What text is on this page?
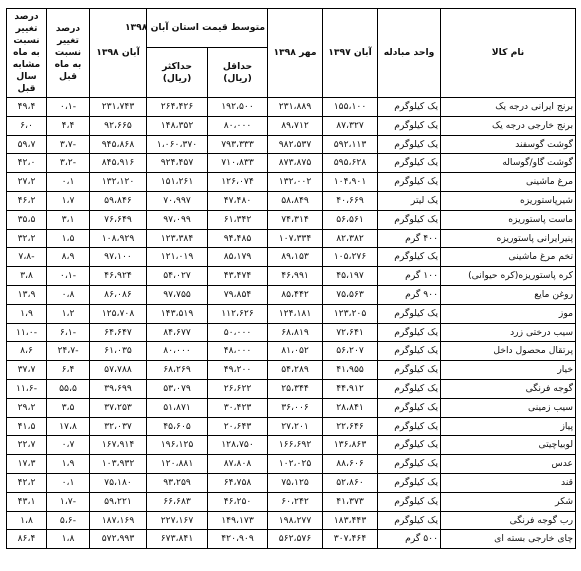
نام کالا	واحد مبادله	آبان ۱۳۹۷	مهر ۱۳۹۸	متوسط قیمت استان آبان ۱۳۹۸		آبان ۱۳۹۸	درصد تغییر نسبت به ماه قبل	درصد تغییر نسبت به ماه مشابه سال قبل
				حداقل (ریال)	حداکثر (ریال)			
برنج ایرانی درجه یک	یک کیلوگرم	۱۵۵،۱۰۰	۲۳۱،۸۸۹	۱۹۲،۵۰۰	۲۶۴،۴۲۶	۲۳۱،۷۴۳	-۰،۱	۴۹،۴
برنج خارجی درجه یک	یک کیلوگرم	۸۷،۳۲۷	۸۹،۷۱۲	۸۰،۰۰۰	۱۴۸،۳۵۲	۹۲،۶۶۵	۴،۴	۶،۰
گوشت گوسفند	یک کیلوگرم	۵۹۲،۱۱۳	۹۸۲،۵۳۷	۷۹۳،۳۳۳	۱،۰۶۰،۳۷۰	۹۴۵،۸۶۸	-۳،۷	۵۹،۷
گوشت گاو/گوساله	یک کیلوگرم	۵۹۵،۶۲۸	۸۷۳،۸۷۵	۷۱۰،۸۳۳	۹۲۴،۴۵۷	۸۴۵،۹۱۶	-۳،۲	۴۲،۰
مرغ ماشینی	یک کیلوگرم	۱۰۴،۹۰۱	۱۳۲،۰۰۲	۱۲۶،۰۷۴	۱۵۱،۲۶۱	۱۳۲،۱۲۰	۰،۱	۲۷،۲
شیرپاستوریزه	یک لیتر	۴۰،۶۶۹	۵۸،۸۴۹	۴۷،۴۸۰	۷۰،۹۹۷	۵۹،۸۴۶	۱،۷	۴۶،۲
ماست پاستوریزه	یک کیلوگرم	۵۶،۵۶۱	۷۴،۳۱۴	۶۱،۳۴۲	۹۷،۰۹۹	۷۶،۶۴۹	۳،۱	۳۵،۵
پنیرایرانی پاستوریزه	۴۰۰ گرم	۸۲،۳۸۲	۱۰۷،۳۳۴	۹۴،۴۸۵	۱۲۳،۳۸۴	۱۰۸،۹۲۹	۱،۵	۳۲،۲
تخم مرغ ماشینی	یک کیلوگرم	۱۰۵،۲۷۶	۸۹،۱۵۳	۸۵،۱۷۹	۱۲۱،۰۱۹	۹۷،۱۰۰	۸،۹	-۷،۸
کره پاستوریزه(کره حیوانی)	۱۰۰ گرم	۴۵،۱۹۷	۴۶،۹۹۱	۴۳،۴۷۴	۵۴،۰۲۷	۴۶،۹۲۴	-۰،۱	۳،۸
روغن مایع	۹۰۰ گرم	۷۵،۵۶۳	۸۵،۴۴۲	۷۹،۸۵۴	۹۷،۷۵۵	۸۶،۰۸۶	۰،۸	۱۳،۹
موز	یک کیلوگرم	۱۲۳،۲۰۵	۱۲۴،۱۸۱	۱۱۲،۶۲۶	۱۴۳،۵۱۹	۱۲۵،۷۰۸	۱،۲	۱،۹
سیب درختی زرد	یک کیلوگرم	۷۲،۶۴۱	۶۸،۸۱۹	۵۰،۰۰۰	۸۴،۶۷۷	۶۴،۶۴۷	-۶،۱	-۱۱،۰
پرتقال محصول داخل	یک کیلوگرم	۵۶،۲۰۷	۸۱،۰۵۲	۴۸،۰۰۰	۸۰،۰۰۰	۶۱،۰۳۵	-۲۴،۷	۸،۶
خیار	یک کیلوگرم	۴۱،۹۵۵	۵۴،۲۸۹	۴۹،۲۰۰	۶۸،۲۶۹	۵۷،۷۸۸	۶،۴	۳۷،۷
گوجه فرنگی	یک کیلوگرم	۴۴،۹۱۲	۲۵،۳۴۴	۲۶،۶۲۲	۵۳،۰۷۹	۳۹،۶۹۹	۵۵،۵	-۱۱،۶
سیب زمینی	یک کیلوگرم	۲۸،۸۴۱	۳۶،۰۰۶	۳۰،۴۲۳	۵۱،۸۷۱	۳۷،۲۵۳	۳،۵	۲۹،۲
پیاز	یک کیلوگرم	۲۲،۶۴۶	۲۷،۲۰۱	۲۰،۶۴۳	۴۵،۶۰۵	۳۲،۰۳۷	۱۷،۸	۴۱،۵
لوبیاچیتی	یک کیلوگرم	۱۳۶،۸۶۳	۱۶۶،۶۹۲	۱۲۸،۷۵۰	۱۹۶،۱۲۵	۱۶۷،۹۱۴	۰،۷	۲۲،۷
عدس	یک کیلوگرم	۸۸،۶۰۶	۱۰۲،۰۲۵	۸۷،۸۰۸	۱۲۰،۸۸۱	۱۰۳،۹۳۲	۱،۹	۱۷،۳
قند	یک کیلوگرم	۵۲،۸۶۰	۷۵،۱۲۵	۶۴،۷۵۸	۹۳،۲۵۹	۷۵،۱۸۰	۰،۱	۴۲،۲
شکر	یک کیلوگرم	۴۱،۳۷۳	۶۰،۲۴۲	۴۶،۲۵۰	۶۶،۶۸۳	۵۹،۲۲۱	-۱،۷	۴۳،۱
رب گوجه فرنگی	یک کیلوگرم	۱۸۳،۴۴۳	۱۹۸،۲۷۷	۱۴۹،۱۷۳	۲۲۷،۱۶۷	۱۸۷،۱۶۹	-۵،۶	۱،۸
چای خارجی بسته ای	۵۰۰ گرم	۳۰۷،۴۶۴	۵۶۲،۵۷۶	۴۲۰،۹۰۹	۶۷۳،۸۴۱	۵۷۲،۹۹۳	۱،۸	۸۶،۴
